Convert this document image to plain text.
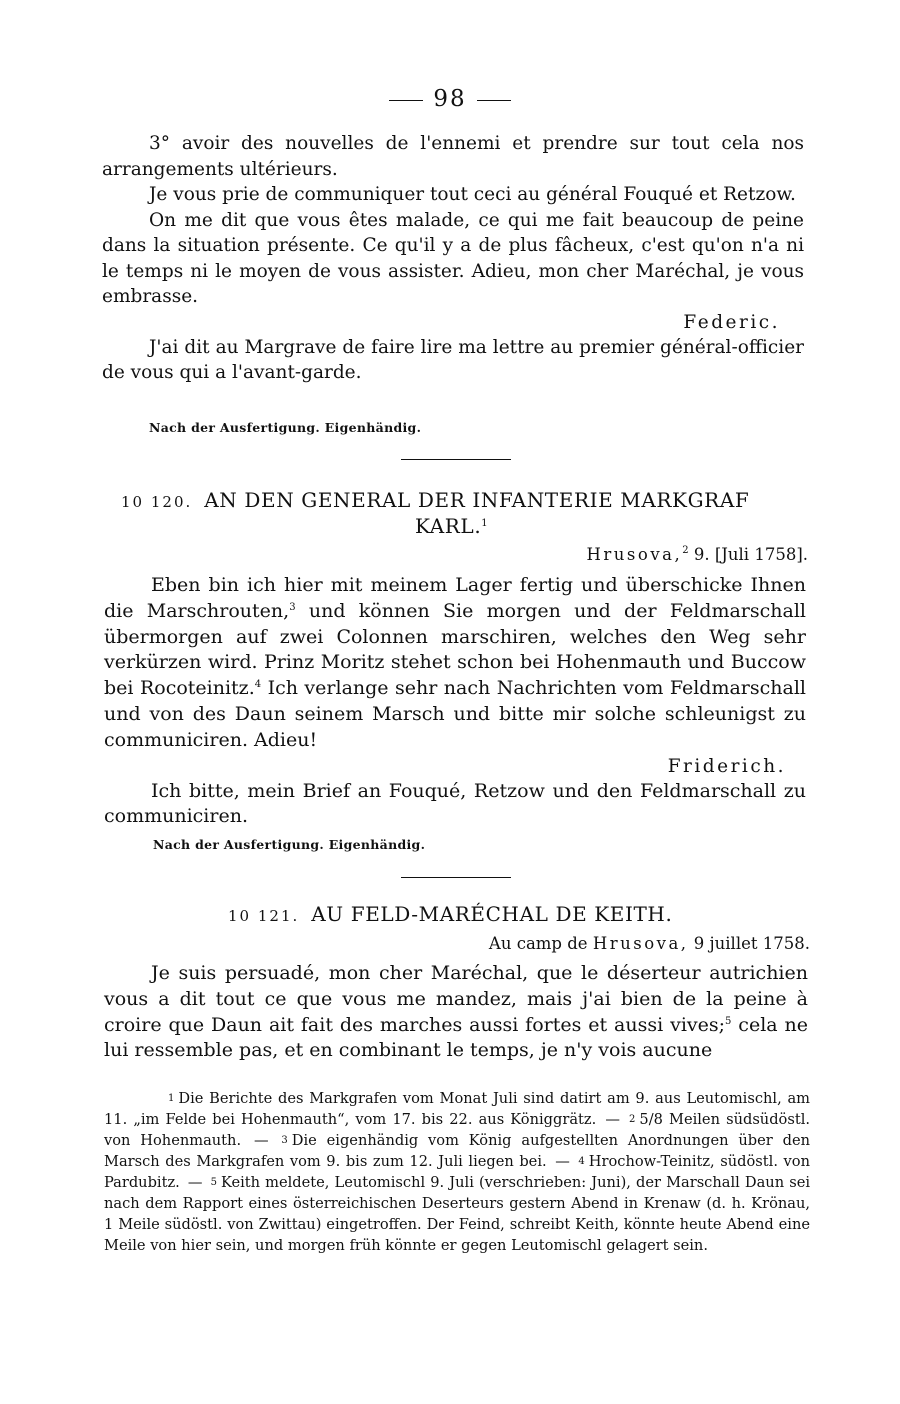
98

3° avoir des nouvelles de l'ennemi et prendre sur tout cela nos arrangements ultérieurs.

Je vous prie de communiquer tout ceci au général Fouqué et Retzow.

On me dit que vous êtes malade, ce qui me fait beaucoup de peine dans la situation présente. Ce qu'il y a de plus fâcheux, c'est qu'on n'a ni le temps ni le moyen de vous assister. Adieu, mon cher Maréchal, je vous embrasse.

Federic.

J'ai dit au Margrave de faire lire ma lettre au premier général-officier de vous qui a l'avant-garde.

Nach der Ausfertigung. Eigenhändig.
10 120. AN DEN GENERAL DER INFANTERIE MARKGRAF
KARL.$^1$
Hrusova,$^2$ 9. [Juli 1758].

Eben bin ich hier mit meinem Lager fertig und überschicke Ihnen die Marschrouten,$^3$ und können Sie morgen und der Feldmarschall übermorgen auf zwei Colonnen marschiren, welches den Weg sehr verkürzen wird. Prinz Moritz stehet schon bei Hohenmauth und Buccow bei Rocoteinitz.$^4$ Ich verlange sehr nach Nachrichten vom Feldmarschall und von des Daun seinem Marsch und bitte mir solche schleunigst zu communiciren. Adieu!

Friderich.

Ich bitte, mein Brief an Fouqué, Retzow und den Feldmarschall zu communiciren.

Nach der Ausfertigung. Eigenhändig.
10 121. AU FELD-MARÉCHAL DE KEITH.
Au camp de Hrusova, 9 juillet 1758.

Je suis persuadé, mon cher Maréchal, que le déserteur autrichien vous a dit tout ce que vous me mandez, mais j'ai bien de la peine à croire que Daun ait fait des marches aussi fortes et aussi vives;$^5$ cela ne lui ressemble pas, et en combinant le temps, je n'y vois aucune

1 Die Berichte des Markgrafen vom Monat Juli sind datirt am 9. aus Leutomischl, am 11. „im Felde bei Hohenmauth“, vom 17. bis 22. aus Königgrätz. — 2 5/8 Meilen südsüdöstl. von Hohenmauth. — 3 Die eigenhändig vom König aufgestellten Anordnungen über den Marsch des Markgrafen vom 9. bis zum 12. Juli liegen bei. — 4 Hrochow-Teinitz, südöstl. von Pardubitz. — 5 Keith meldete, Leutomischl 9. Juli (verschrieben: Juni), der Marschall Daun sei nach dem Rapport eines österreichischen Deserteurs gestern Abend in Krenaw (d. h. Krönau, 1 Meile südöstl. von Zwittau) eingetroffen. Der Feind, schreibt Keith, könnte heute Abend eine Meile von hier sein, und morgen früh könnte er gegen Leutomischl gelagert sein.
